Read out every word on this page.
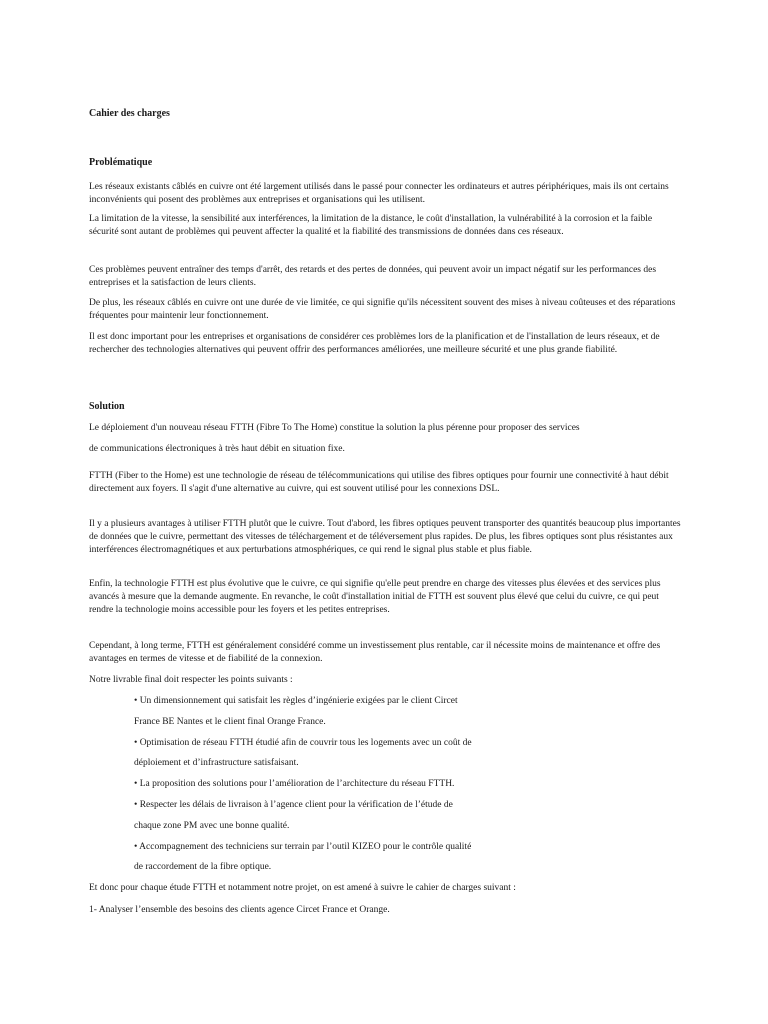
Cahier des charges
Problématique
Les réseaux existants câblés en cuivre ont été largement utilisés dans le passé pour connecter les ordinateurs et autres périphériques, mais ils ont certains inconvénients qui posent des problèmes aux entreprises et organisations qui les utilisent.
La limitation de la vitesse, la sensibilité aux interférences, la limitation de la distance, le coût d'installation, la vulnérabilité à la corrosion et la faible sécurité sont autant de problèmes qui peuvent affecter la qualité et la fiabilité des transmissions de données dans ces réseaux.
Ces problèmes peuvent entraîner des temps d'arrêt, des retards et des pertes de données, qui peuvent avoir un impact négatif sur les performances des entreprises et la satisfaction de leurs clients.
De plus, les réseaux câblés en cuivre ont une durée de vie limitée, ce qui signifie qu'ils nécessitent souvent des mises à niveau coûteuses et des réparations fréquentes pour maintenir leur fonctionnement.
Il est donc important pour les entreprises et organisations de considérer ces problèmes lors de la planification et de l'installation de leurs réseaux, et de rechercher des technologies alternatives qui peuvent offrir des performances améliorées, une meilleure sécurité et une plus grande fiabilité.
Solution
Le déploiement d'un nouveau réseau FTTH (Fibre To The Home) constitue la solution la plus pérenne pour proposer des services
de communications électroniques à très haut débit en situation fixe.
FTTH (Fiber to the Home) est une technologie de réseau de télécommunications qui utilise des fibres optiques pour fournir une connectivité à haut débit directement aux foyers. Il s'agit d'une alternative au cuivre, qui est souvent utilisé pour les connexions DSL.
Il y a plusieurs avantages à utiliser FTTH plutôt que le cuivre. Tout d'abord, les fibres optiques peuvent transporter des quantités beaucoup plus importantes de données que le cuivre, permettant des vitesses de téléchargement et de téléversement plus rapides. De plus, les fibres optiques sont plus résistantes aux interférences électromagnétiques et aux perturbations atmosphériques, ce qui rend le signal plus stable et plus fiable.
Enfin, la technologie FTTH est plus évolutive que le cuivre, ce qui signifie qu'elle peut prendre en charge des vitesses plus élevées et des services plus avancés à mesure que la demande augmente. En revanche, le coût d'installation initial de FTTH est souvent plus élevé que celui du cuivre, ce qui peut rendre la technologie moins accessible pour les foyers et les petites entreprises.
Cependant, à long terme, FTTH est généralement considéré comme un investissement plus rentable, car il nécessite moins de maintenance et offre des avantages en termes de vitesse et de fiabilité de la connexion.
Notre livrable final doit respecter les points suivants :
• Un dimensionnement qui satisfait les règles d’ingénierie exigées par le client Circet
France BE Nantes et le client final Orange France.
• Optimisation de réseau FTTH étudié afin de couvrir tous les logements avec un coût de
déploiement et d’infrastructure satisfaisant.
• La proposition des solutions pour l’amélioration de l’architecture du réseau FTTH.
• Respecter les délais de livraison à l’agence client pour la vérification de l’étude de
chaque zone PM avec une bonne qualité.
• Accompagnement des techniciens sur terrain par l’outil KIZEO pour le contrôle qualité
de raccordement de la fibre optique.
Et donc pour chaque étude FTTH et notamment notre projet, on est amené à suivre le cahier de charges suivant :
1- Analyser l’ensemble des besoins des clients agence Circet France et Orange.
